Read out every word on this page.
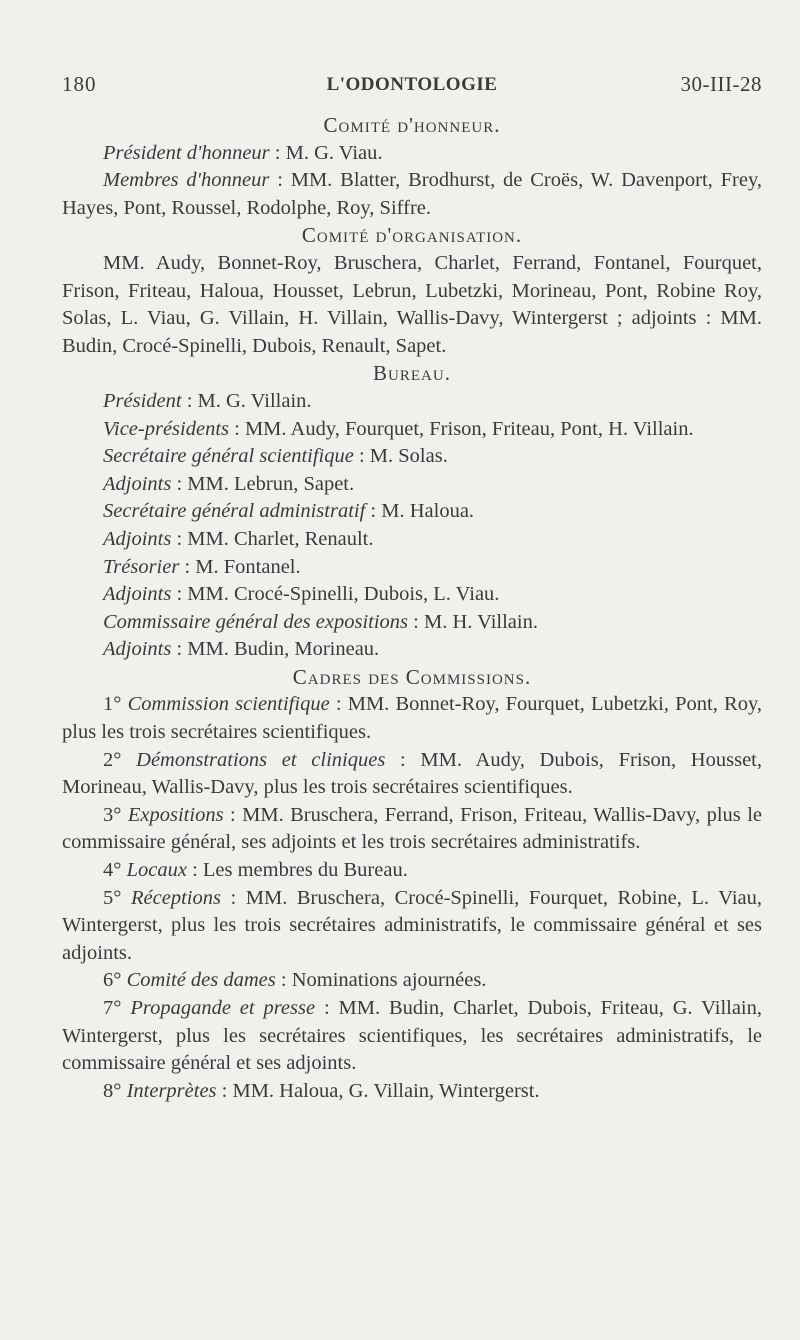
180	L'ODONTOLOGIE	30-III-28

Comité d'honneur.

Président d'honneur : M. G. Viau.

Membres d'honneur : MM. Blatter, Brodhurst, de Croës, W. Davenport, Frey, Hayes, Pont, Roussel, Rodolphe, Roy, Siffre.

Comité d'organisation.

MM. Audy, Bonnet-Roy, Bruschera, Charlet, Ferrand, Fontanel, Fourquet, Frison, Friteau, Haloua, Housset, Lebrun, Lubetzki, Morineau, Pont, Robine Roy, Solas, L. Viau, G. Villain, H. Villain, Wallis-Davy, Wintergerst ; adjoints : MM. Budin, Crocé-Spinelli, Dubois, Renault, Sapet.

Bureau.

Président : M. G. Villain.

Vice-présidents : MM. Audy, Fourquet, Frison, Friteau, Pont, H. Villain.

Secrétaire général scientifique : M. Solas.

Adjoints : MM. Lebrun, Sapet.

Secrétaire général administratif : M. Haloua.

Adjoints : MM. Charlet, Renault.

Trésorier : M. Fontanel.

Adjoints : MM. Crocé-Spinelli, Dubois, L. Viau.

Commissaire général des expositions : M. H. Villain.

Adjoints : MM. Budin, Morineau.

Cadres des Commissions.

1° Commission scientifique : MM. Bonnet-Roy, Fourquet, Lubetzki, Pont, Roy, plus les trois secrétaires scientifiques.

2° Démonstrations et cliniques : MM. Audy, Dubois, Frison, Housset, Morineau, Wallis-Davy, plus les trois secrétaires scientifiques.

3° Expositions : MM. Bruschera, Ferrand, Frison, Friteau, Wallis-Davy, plus le commissaire général, ses adjoints et les trois secrétaires administratifs.

4° Locaux : Les membres du Bureau.

5° Réceptions : MM. Bruschera, Crocé-Spinelli, Fourquet, Robine, L. Viau, Wintergerst, plus les trois secrétaires administratifs, le commissaire général et ses adjoints.

6° Comité des dames : Nominations ajournées.

7° Propagande et presse : MM. Budin, Charlet, Dubois, Friteau, G. Villain, Wintergerst, plus les secrétaires scientifiques, les secrétaires administratifs, le commissaire général et ses adjoints.

8° Interprètes : MM. Haloua, G. Villain, Wintergerst.
